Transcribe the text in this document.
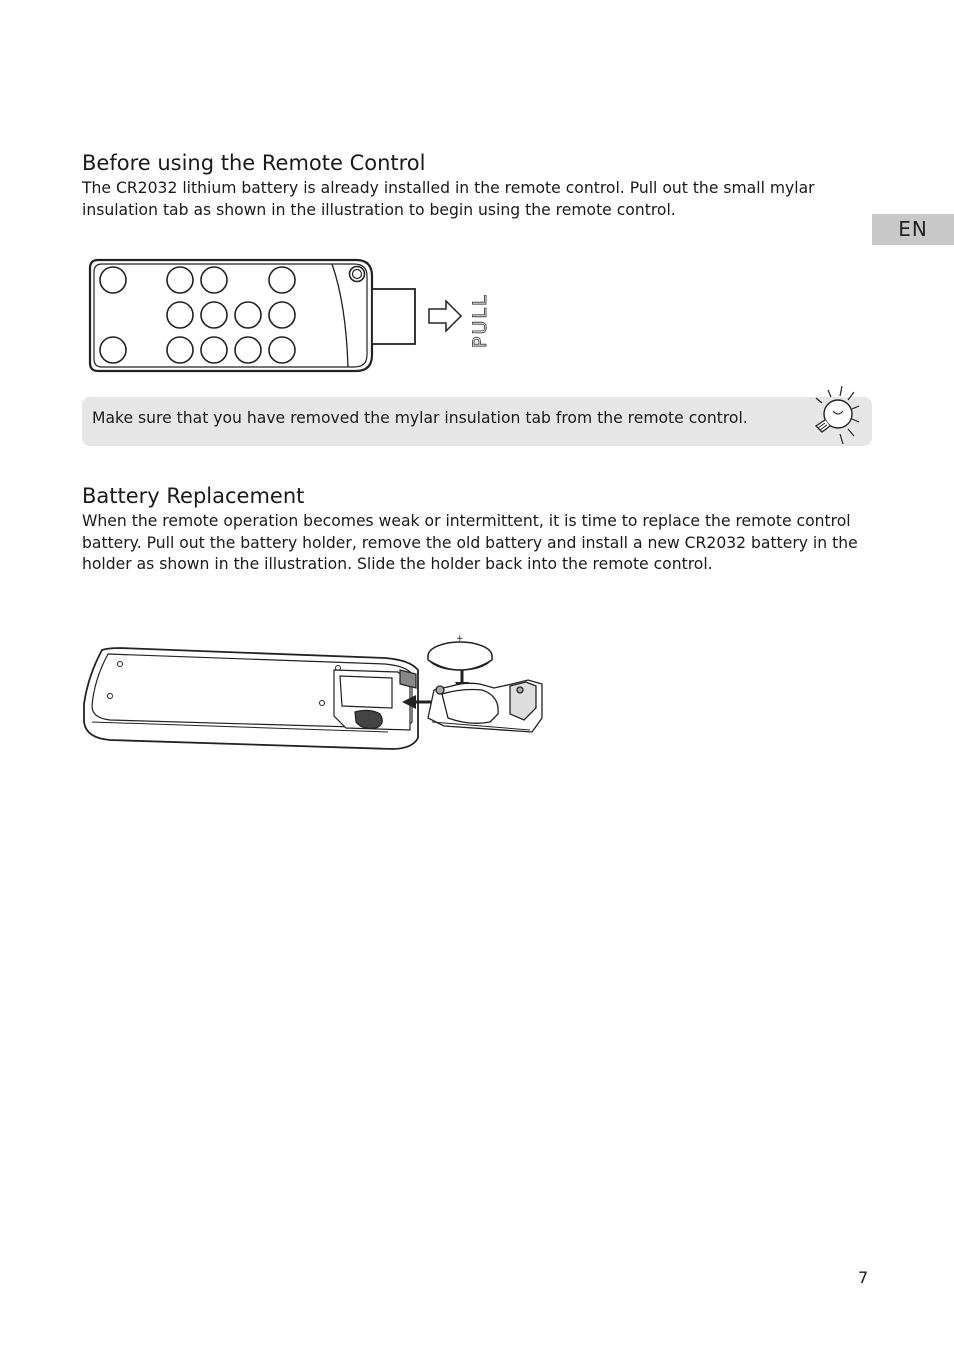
EN
Before using the Remote Control

The CR2032 lithium battery is already installed in the remote control. Pull out the small mylar insulation tab as shown in the illustration to begin using the remote control.

PULL
Make sure that you have removed the mylar insulation tab from the remote control.
Battery Replacement

When the remote operation becomes weak or intermittent, it is time to replace the remote control battery. Pull out the battery holder, remove the old battery and install a new CR2032 battery in the holder as shown in the illustration. Slide the holder back into the remote control.

+
7
